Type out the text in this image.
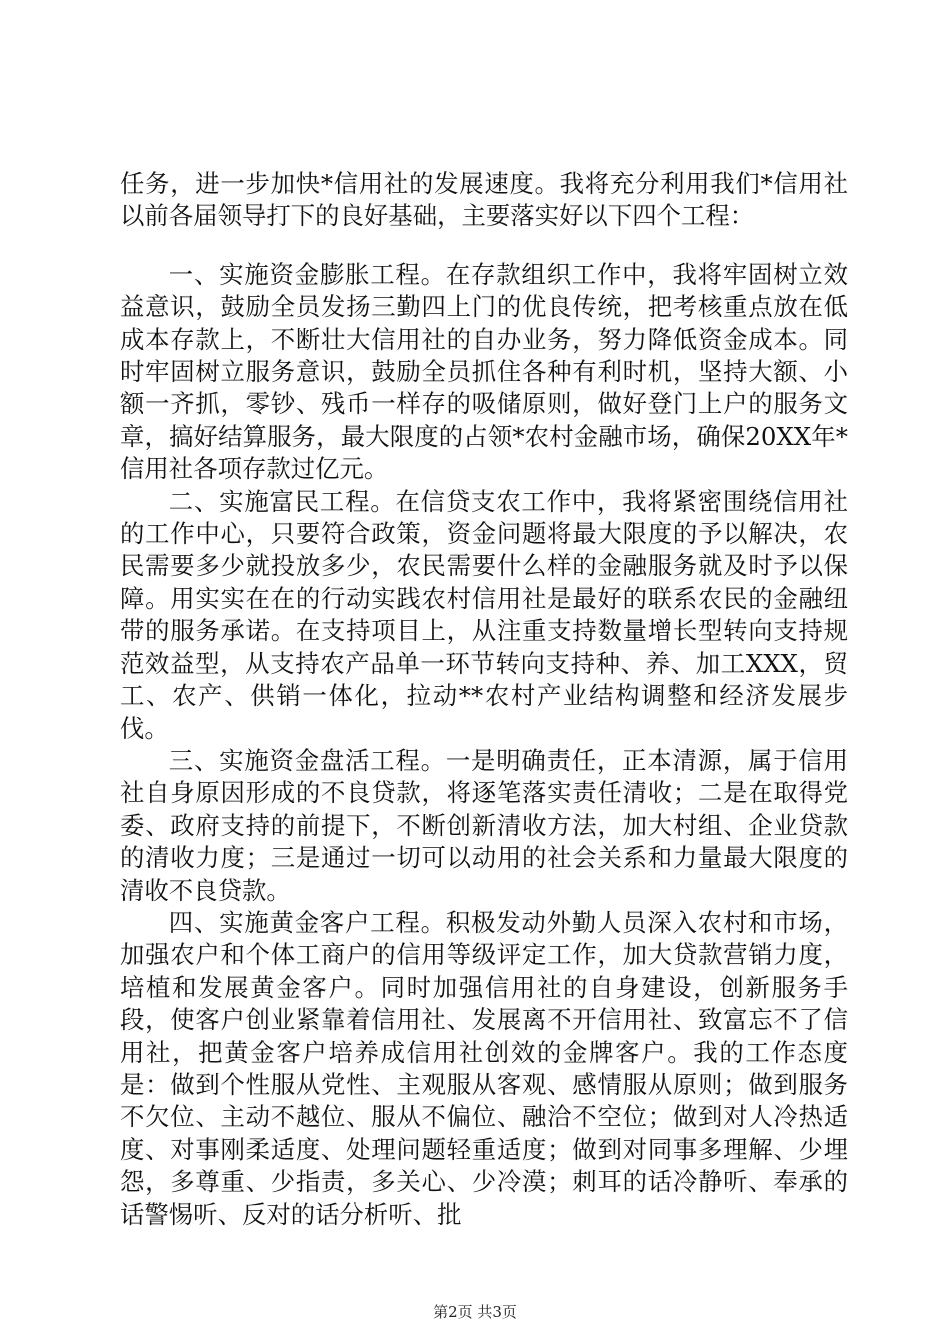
任务，进一步加快*信用社的发展速度。我将充分利用我们*信用社以前各届领导打下的良好基础，主要落实好以下四个工程：

一、实施资金膨胀工程。在存款组织工作中，我将牢固树立效益意识，鼓励全员发扬三勤四上门的优良传统，把考核重点放在低成本存款上，不断壮大信用社的自办业务，努力降低资金成本。同时牢固树立服务意识，鼓励全员抓住各种有利时机，坚持大额、小额一齐抓，零钞、残币一样存的吸储原则，做好登门上户的服务文章，搞好结算服务，最大限度的占领*农村金融市场，确保20XX年*信用社各项存款过亿元。

二、实施富民工程。在信贷支农工作中，我将紧密围绕信用社的工作中心，只要符合政策，资金问题将最大限度的予以解决，农民需要多少就投放多少，农民需要什么样的金融服务就及时予以保障。用实实在在的行动实践农村信用社是最好的联系农民的金融纽带的服务承诺。在支持项目上，从注重支持数量增长型转向支持规范效益型，从支持农产品单一环节转向支持种、养、加工XXX，贸工、农产、供销一体化，拉动**农村产业结构调整和经济发展步伐。

三、实施资金盘活工程。一是明确责任，正本清源，属于信用社自身原因形成的不良贷款，将逐笔落实责任清收；二是在取得党委、政府支持的前提下，不断创新清收方法，加大村组、企业贷款的清收力度；三是通过一切可以动用的社会关系和力量最大限度的清收不良贷款。

四、实施黄金客户工程。积极发动外勤人员深入农村和市场，加强农户和个体工商户的信用等级评定工作，加大贷款营销力度，培植和发展黄金客户。同时加强信用社的自身建设，创新服务手段，使客户创业紧靠着信用社、发展离不开信用社、致富忘不了信用社，把黄金客户培养成信用社创效的金牌客户。我的工作态度是：做到个性服从党性、主观服从客观、感情服从原则；做到服务不欠位、主动不越位、服从不偏位、融洽不空位；做到对人冷热适度、对事刚柔适度、处理问题轻重适度；做到对同事多理解、少埋怨，多尊重、少指责，多关心、少冷漠；刺耳的话冷静听、奉承的话警惕听、反对的话分析听、批

第2页 共3页
